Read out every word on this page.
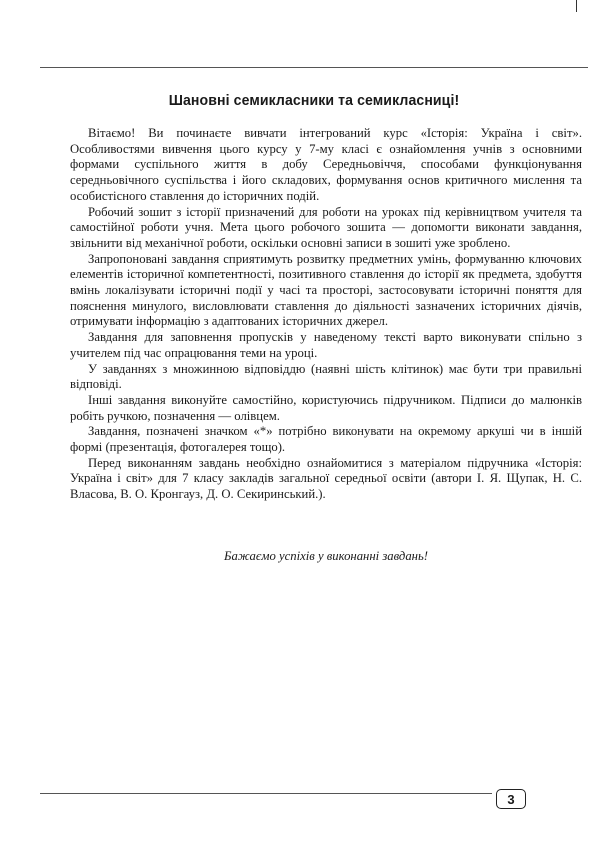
Шановні семикласники та семикласниці!

Вітаємо! Ви починаєте вивчати інтегрований курс «Історія: Україна і світ». Особливостями вивчення цього курсу у 7-му класі є ознайомлення учнів з основними формами суспільного життя в добу Середньовіччя, способами функціонування середньовічного суспільства і його складових, формування основ критичного мислення та особистісного ставлення до історичних подій.

Робочий зошит з історії призначений для роботи на уроках під керівництвом учителя та самостійної роботи учня. Мета цього робочого зошита — допомогти виконати завдання, звільнити від механічної роботи, оскільки основні записи в зошиті уже зроблено.

Запропоновані завдання сприятимуть розвитку предметних умінь, формуванню ключових елементів історичної компетентності, позитивного ставлення до історії як предмета, здобуття вмінь локалізувати історичні події у часі та просторі, застосовувати історичні поняття для пояснення минулого, висловлювати ставлення до діяльності зазначених історичних діячів, отримувати інформацію з адаптованих історичних джерел.

Завдання для заповнення пропусків у наведеному тексті варто виконувати спільно з учителем під час опрацювання теми на уроці.

У завданнях з множинною відповіддю (наявні шість клітинок) має бути три правильні відповіді.

Інші завдання виконуйте самостійно, користуючись підручником. Підписи до малюнків робіть ручкою, позначення — олівцем.

Завдання, позначені значком «*» потрібно виконувати на окремому аркуші чи в іншій формі (презентація, фотогалерея тощо).

Перед виконанням завдань необхідно ознайомитися з матеріалом підручника «Історія: Україна і світ» для 7 класу закладів загальної середньої освіти (автори І. Я. Щупак, Н. С. Власова, В. О. Кронгауз, Д. О. Секиринський.).

Бажаємо успіхів у виконанні завдань!

3
